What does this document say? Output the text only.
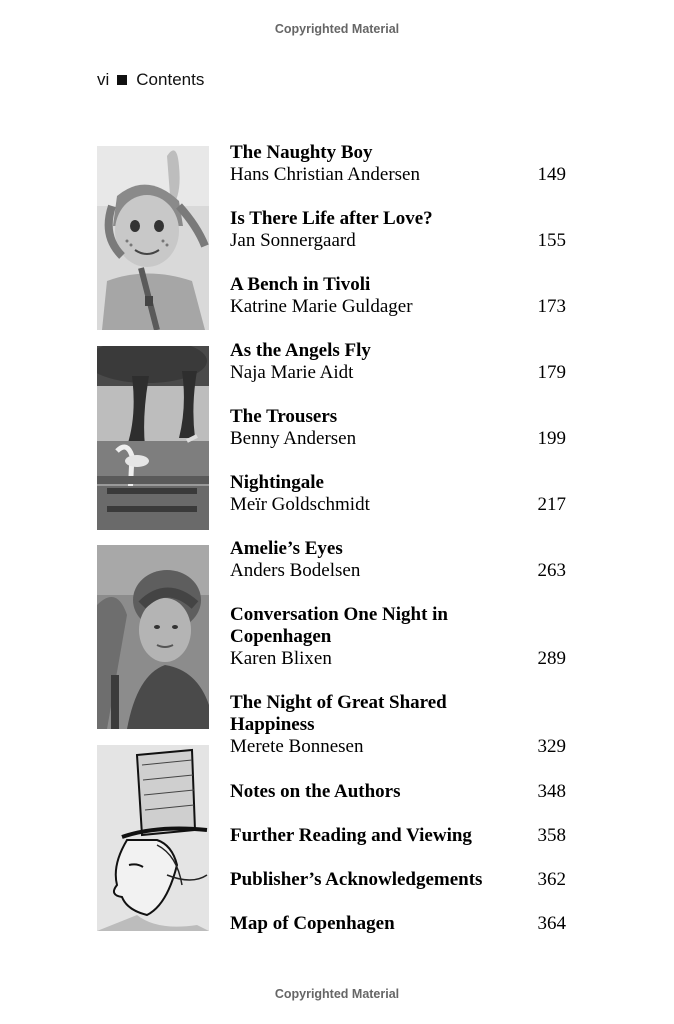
Copyrighted Material
vi Contents
The Naughty Boy
Hans Christian Andersen	149
Is There Life after Love?
Jan Sonnergaard	155
A Bench in Tivoli
Katrine Marie Guldager	173
As the Angels Fly
Naja Marie Aidt	179
The Trousers
Benny Andersen	199
Nightingale
Meïr Goldschmidt	217
Amelie’s Eyes
Anders Bodelsen	263
Conversation One Night in
Copenhagen
Karen Blixen	289
The Night of Great Shared
Happiness
Merete Bonnesen	329
Notes on the Authors	348
Further Reading and Viewing	358
Publisher’s Acknowledgements	362
Map of Copenhagen	364
Copyrighted Material
